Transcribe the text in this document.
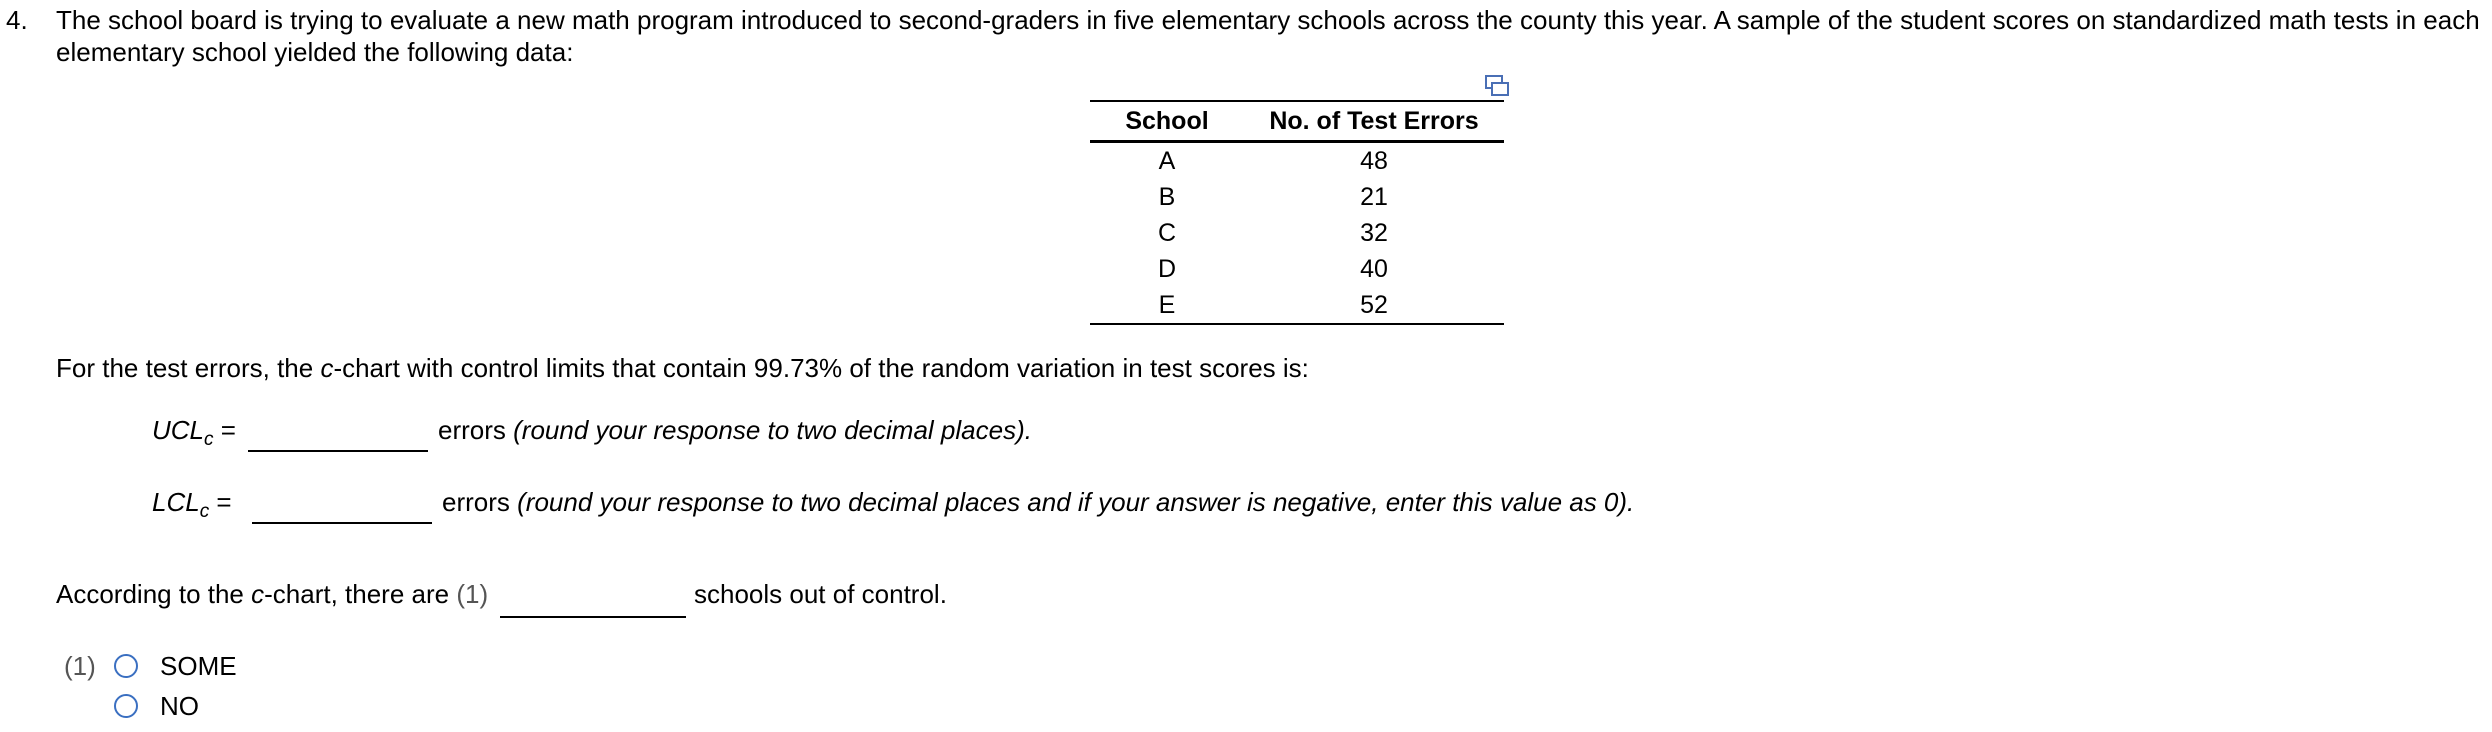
4. The school board is trying to evaluate a new math program introduced to second-graders in five elementary schools across the county this year. A sample of the student scores on standardized math tests in each elementary school yielded the following data:
School	No. of Test Errors
A	48
B	21
C	32
D	40
E	52
For the test errors, the c-chart with control limits that contain 99.73% of the random variation in test scores is:
$UCL_c$ =	errors (round your response to two decimal places).
$LCL_c$ =	errors (round your response to two decimal places and if your answer is negative, enter this value as 0).
According to the c-chart, there are (1)	schools out of control.
(1) SOME
NO
